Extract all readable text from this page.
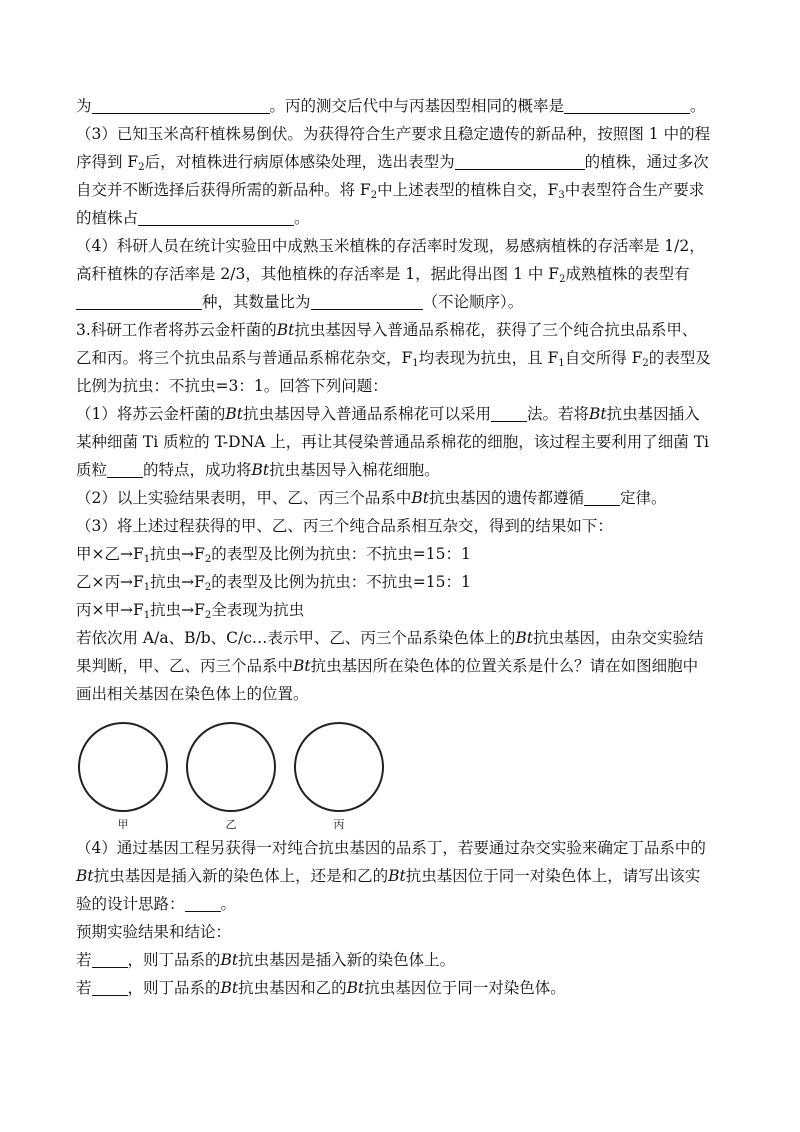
为	。丙的测交后代中与丙基因型相同的概率是	。
（3）已知玉米高秆植株易倒伏。为获得符合生产要求且稳定遗传的新品种，按照图 1 中的程
序得到 $F_2$后，对植株进行病原体感染处理，选出表型为	的植株，通过多次
自交并不断选择后获得所需的新品种。将 $F_2$中上述表型的植株自交，$F_3$中表型符合生产要求
的植株占	。
（4）科研人员在统计实验田中成熟玉米植株的存活率时发现，易感病植株的存活率是 1/2，
高秆植株的存活率是 2/3，其他植株的存活率是 1，据此得出图 1 中 $F_2$成熟植株的表型有
种，其数量比为	（不论顺序）。
3.科研工作者将苏云金杆菌的Bt抗虫基因导入普通品系棉花，获得了三个纯合抗虫品系甲、
乙和丙。将三个抗虫品系与普通品系棉花杂交，$F_1$均表现为抗虫，且 $F_1$自交所得 $F_2$的表型及
比例为抗虫：不抗虫=3：1。回答下列问题：
（1）将苏云金杆菌的Bt抗虫基因导入普通品系棉花可以采用 法。若将Bt抗虫基因插入
某种细菌 Ti 质粒的 T-DNA 上，再让其侵染普通品系棉花的细胞，该过程主要利用了细菌 Ti
质粒 的特点，成功将Bt抗虫基因导入棉花细胞。
（2）以上实验结果表明，甲、乙、丙三个品系中Bt抗虫基因的遗传都遵循 定律。
（3）将上述过程获得的甲、乙、丙三个纯合品系相互杂交，得到的结果如下：
甲×乙$\to F_1$抗虫$\to F_2$的表型及比例为抗虫：不抗虫=15：1
乙×丙$\to F_1$抗虫$\to F_2$的表型及比例为抗虫：不抗虫=15：1
丙×甲$\to F_1$抗虫$\to F_2$全表现为抗虫
若依次用 A/a、B/b、C/c…表示甲、乙、丙三个品系染色体上的Bt抗虫基因，由杂交实验结
果判断，甲、乙、丙三个品系中Bt抗虫基因所在染色体的位置关系是什么？请在如图细胞中
画出相关基因在染色体上的位置。
甲	乙	丙
（4）通过基因工程另获得一对纯合抗虫基因的品系丁，若要通过杂交实验来确定丁品系中的
Bt抗虫基因是插入新的染色体上，还是和乙的Bt抗虫基因位于同一对染色体上，请写出该实
验的设计思路： 。
预期实验结果和结论：
若 ，则丁品系的Bt抗虫基因是插入新的染色体上。
若 ，则丁品系的Bt抗虫基因和乙的Bt抗虫基因位于同一对染色体。
